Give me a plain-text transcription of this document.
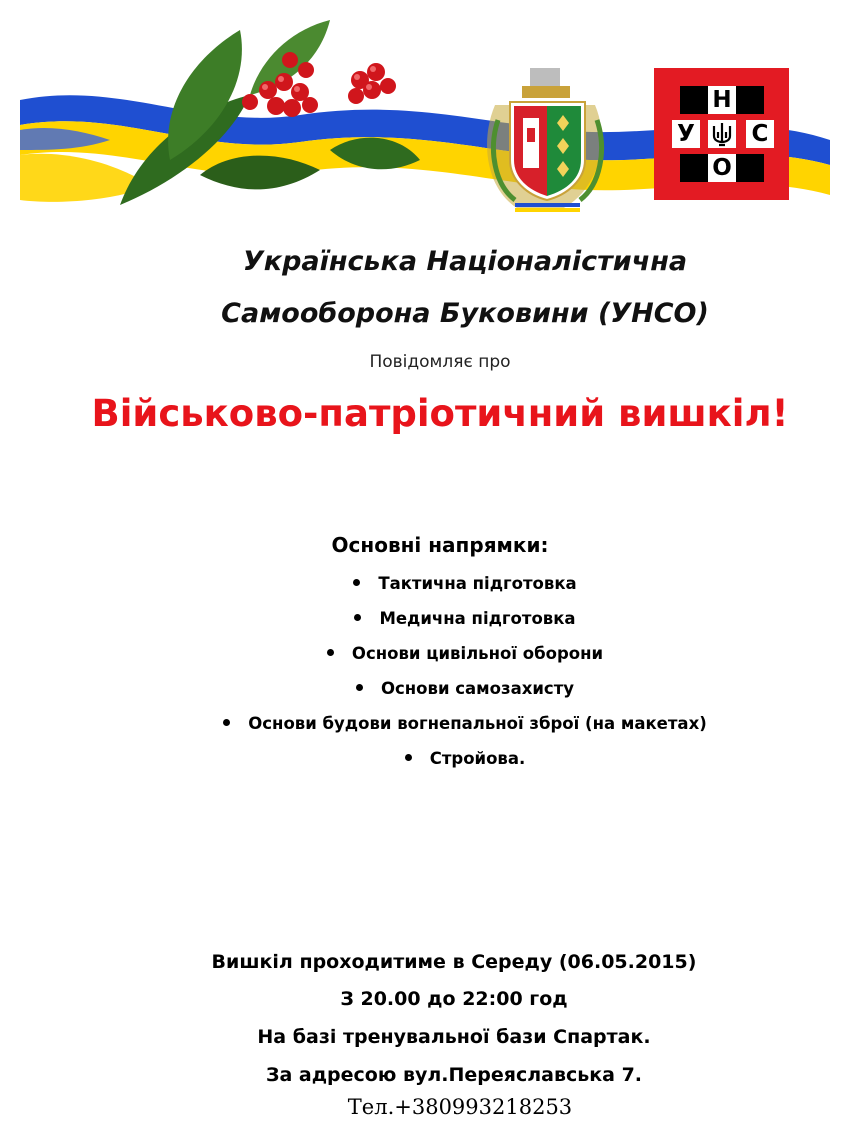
Н
У С
О
Українська Націоналістична
Самооборона Буковини (УНСО)
Повідомляє про
Військово-патріотичний вишкіл!
Основні напрямки:
Тактична підготовка
Медична підготовка
Основи цивільної оборони
Основи самозахисту
Основи будови вогнепальної зброї (на макетах)
Стройова.
Вишкіл проходитиме в Середу (06.05.2015)
З 20.00 до 22:00 год
На базі тренувальної бази Спартак.
За адресою вул.Переяславська 7.
Тел.+380993218253
